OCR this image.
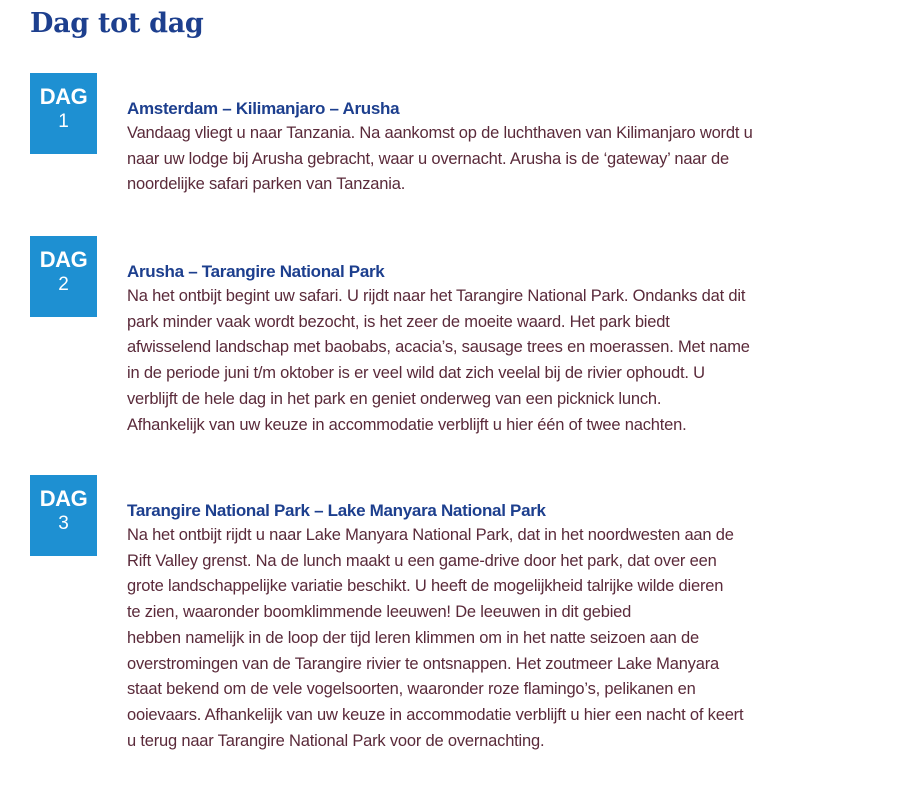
Dag tot dag
DAG
1
Amsterdam – Kilimanjaro – Arusha

Vandaag vliegt u naar Tanzania. Na aankomst op de luchthaven van Kilimanjaro wordt u
naar uw lodge bij Arusha gebracht, waar u overnacht. Arusha is de ‘gateway’ naar de
noordelijke safari parken van Tanzania.

DAG
2
Arusha – Tarangire National Park

Na het ontbijt begint uw safari. U rijdt naar het Tarangire National Park. Ondanks dat dit
park minder vaak wordt bezocht, is het zeer de moeite waard. Het park biedt
afwisselend landschap met baobabs, acacia’s, sausage trees en moerassen. Met name
in de periode juni t/m oktober is er veel wild dat zich veelal bij de rivier ophoudt. U
verblijft de hele dag in het park en geniet onderweg van een picknick lunch.
Afhankelijk van uw keuze in accommodatie verblijft u hier één of twee nachten.

DAG
3
Tarangire National Park – Lake Manyara National Park

Na het ontbijt rijdt u naar Lake Manyara National Park, dat in het noordwesten aan de
Rift Valley grenst. Na de lunch maakt u een game-drive door het park, dat over een
grote landschappelijke variatie beschikt. U heeft de mogelijkheid talrijke wilde dieren
te zien, waaronder boomklimmende leeuwen! De leeuwen in dit gebied
hebben namelijk in de loop der tijd leren klimmen om in het natte seizoen aan de
overstromingen van de Tarangire rivier te ontsnappen. Het zoutmeer Lake Manyara
staat bekend om de vele vogelsoorten, waaronder roze flamingo’s, pelikanen en
ooievaars. Afhankelijk van uw keuze in accommodatie verblijft u hier een nacht of keert
u terug naar Tarangire National Park voor de overnachting.
